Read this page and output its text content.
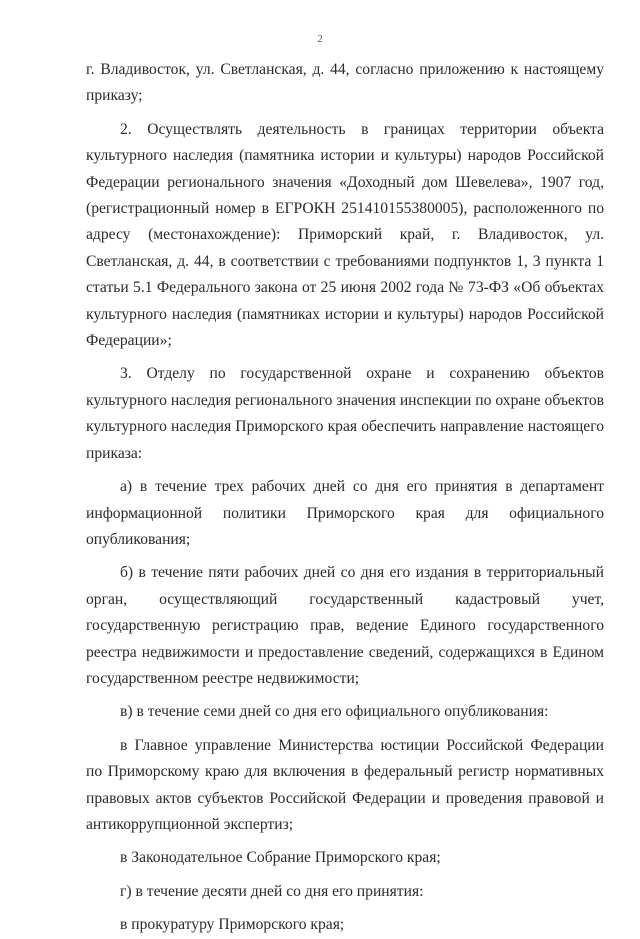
2

г. Владивосток, ул. Светланская, д. 44, согласно приложению к настоящему приказу;

2. Осуществлять деятельность в границах территории объекта культурного наследия (памятника истории и культуры) народов Российской Федерации регионального значения «Доходный дом Шевелева», 1907 год, (регистрационный номер в ЕГРОКН 251410155380005), расположенного по адресу (местонахождение): Приморский край, г. Владивосток, ул. Светланская, д. 44, в соответствии с требованиями подпунктов 1, 3 пункта 1 статьи 5.1 Федерального закона от 25 июня 2002 года № 73-ФЗ «Об объектах культурного наследия (памятниках истории и культуры) народов Российской Федерации»;

3. Отделу по государственной охране и сохранению объектов культурного наследия регионального значения инспекции по охране объектов культурного наследия Приморского края обеспечить направление настоящего приказа:

а) в течение трех рабочих дней со дня его принятия в департамент информационной политики Приморского края для официального опубликования;

б) в течение пяти рабочих дней со дня его издания в территориальный орган, осуществляющий государственный кадастровый учет, государственную регистрацию прав, ведение Единого государственного реестра недвижимости и предоставление сведений, содержащихся в Едином государственном реестре недвижимости;

в) в течение семи дней со дня его официального опубликования:

в Главное управление Министерства юстиции Российской Федерации по Приморскому краю для включения в федеральный регистр нормативных правовых актов субъектов Российской Федерации и проведения правовой и антикоррупционной экспертиз;

в Законодательное Собрание Приморского края;

г) в течение десяти дней со дня его принятия:

в прокуратуру Приморского края;
